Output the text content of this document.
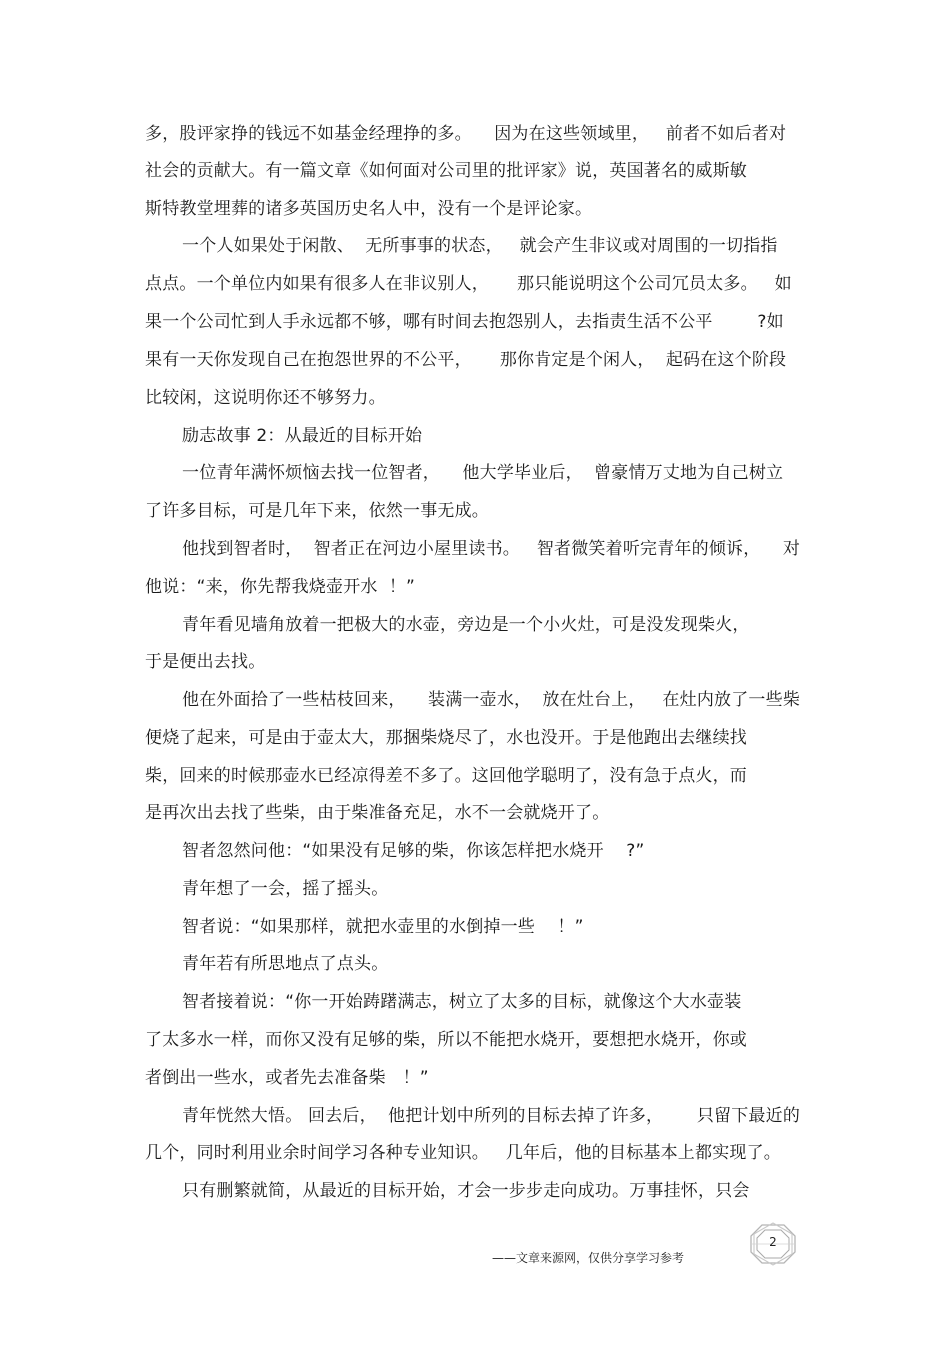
多，股评家挣的钱远不如基金经理挣的多。    因为在这些领域里，   前者不如后者对
社会的贡献大。有一篇文章《如何面对公司里的批评家》说，英国著名的威斯敏
斯特教堂埋葬的诸多英国历史名人中，没有一个是评论家。
一个人如果处于闲散、  无所事事的状态，   就会产生非议或对周围的一切指指
点点。一个单位内如果有很多人在非议别人，     那只能说明这个公司冗员太多。   如
果一个公司忙到人手永远都不够，哪有时间去抱怨别人，去指责生活不公平        ?如
果有一天你发现自己在抱怨世界的不公平，     那你肯定是个闲人，  起码在这个阶段
比较闲，这说明你还不够努力。
励志故事 2：从最近的目标开始
一位青年满怀烦恼去找一位智者，    他大学毕业后，  曾豪情万丈地为自己树立
了许多目标，可是几年下来，依然一事无成。
他找到智者时，  智者正在河边小屋里读书。   智者微笑着听完青年的倾诉，    对
他说：“来，你先帮我烧壶开水  ！”
青年看见墙角放着一把极大的水壶，旁边是一个小火灶，可是没发现柴火，
于是便出去找。
他在外面拾了一些枯枝回来，    装满一壶水，  放在灶台上，   在灶内放了一些柴
便烧了起来，可是由于壶太大，那捆柴烧尽了，水也没开。于是他跑出去继续找
柴，回来的时候那壶水已经凉得差不多了。这回他学聪明了，没有急于点火，而
是再次出去找了些柴，由于柴准备充足，水不一会就烧开了。
智者忽然问他：“如果没有足够的柴，你该怎样把水烧开    ?”
青年想了一会，摇了摇头。
智者说：“如果那样，就把水壶里的水倒掉一些    ！”
青年若有所思地点了点头。
智者接着说：“你一开始踌躇满志，树立了太多的目标，就像这个大水壶装
了太多水一样，而你又没有足够的柴，所以不能把水烧开，要想把水烧开，你或
者倒出一些水，或者先去准备柴   ！”
青年恍然大悟。 回去后，  他把计划中所列的目标去掉了许多，      只留下最近的
几个，同时利用业余时间学习各种专业知识。   几年后，他的目标基本上都实现了。
只有删繁就简，从最近的目标开始，才会一步步走向成功。万事挂怀，只会
——文章来源网，仅供分享学习参考
2
